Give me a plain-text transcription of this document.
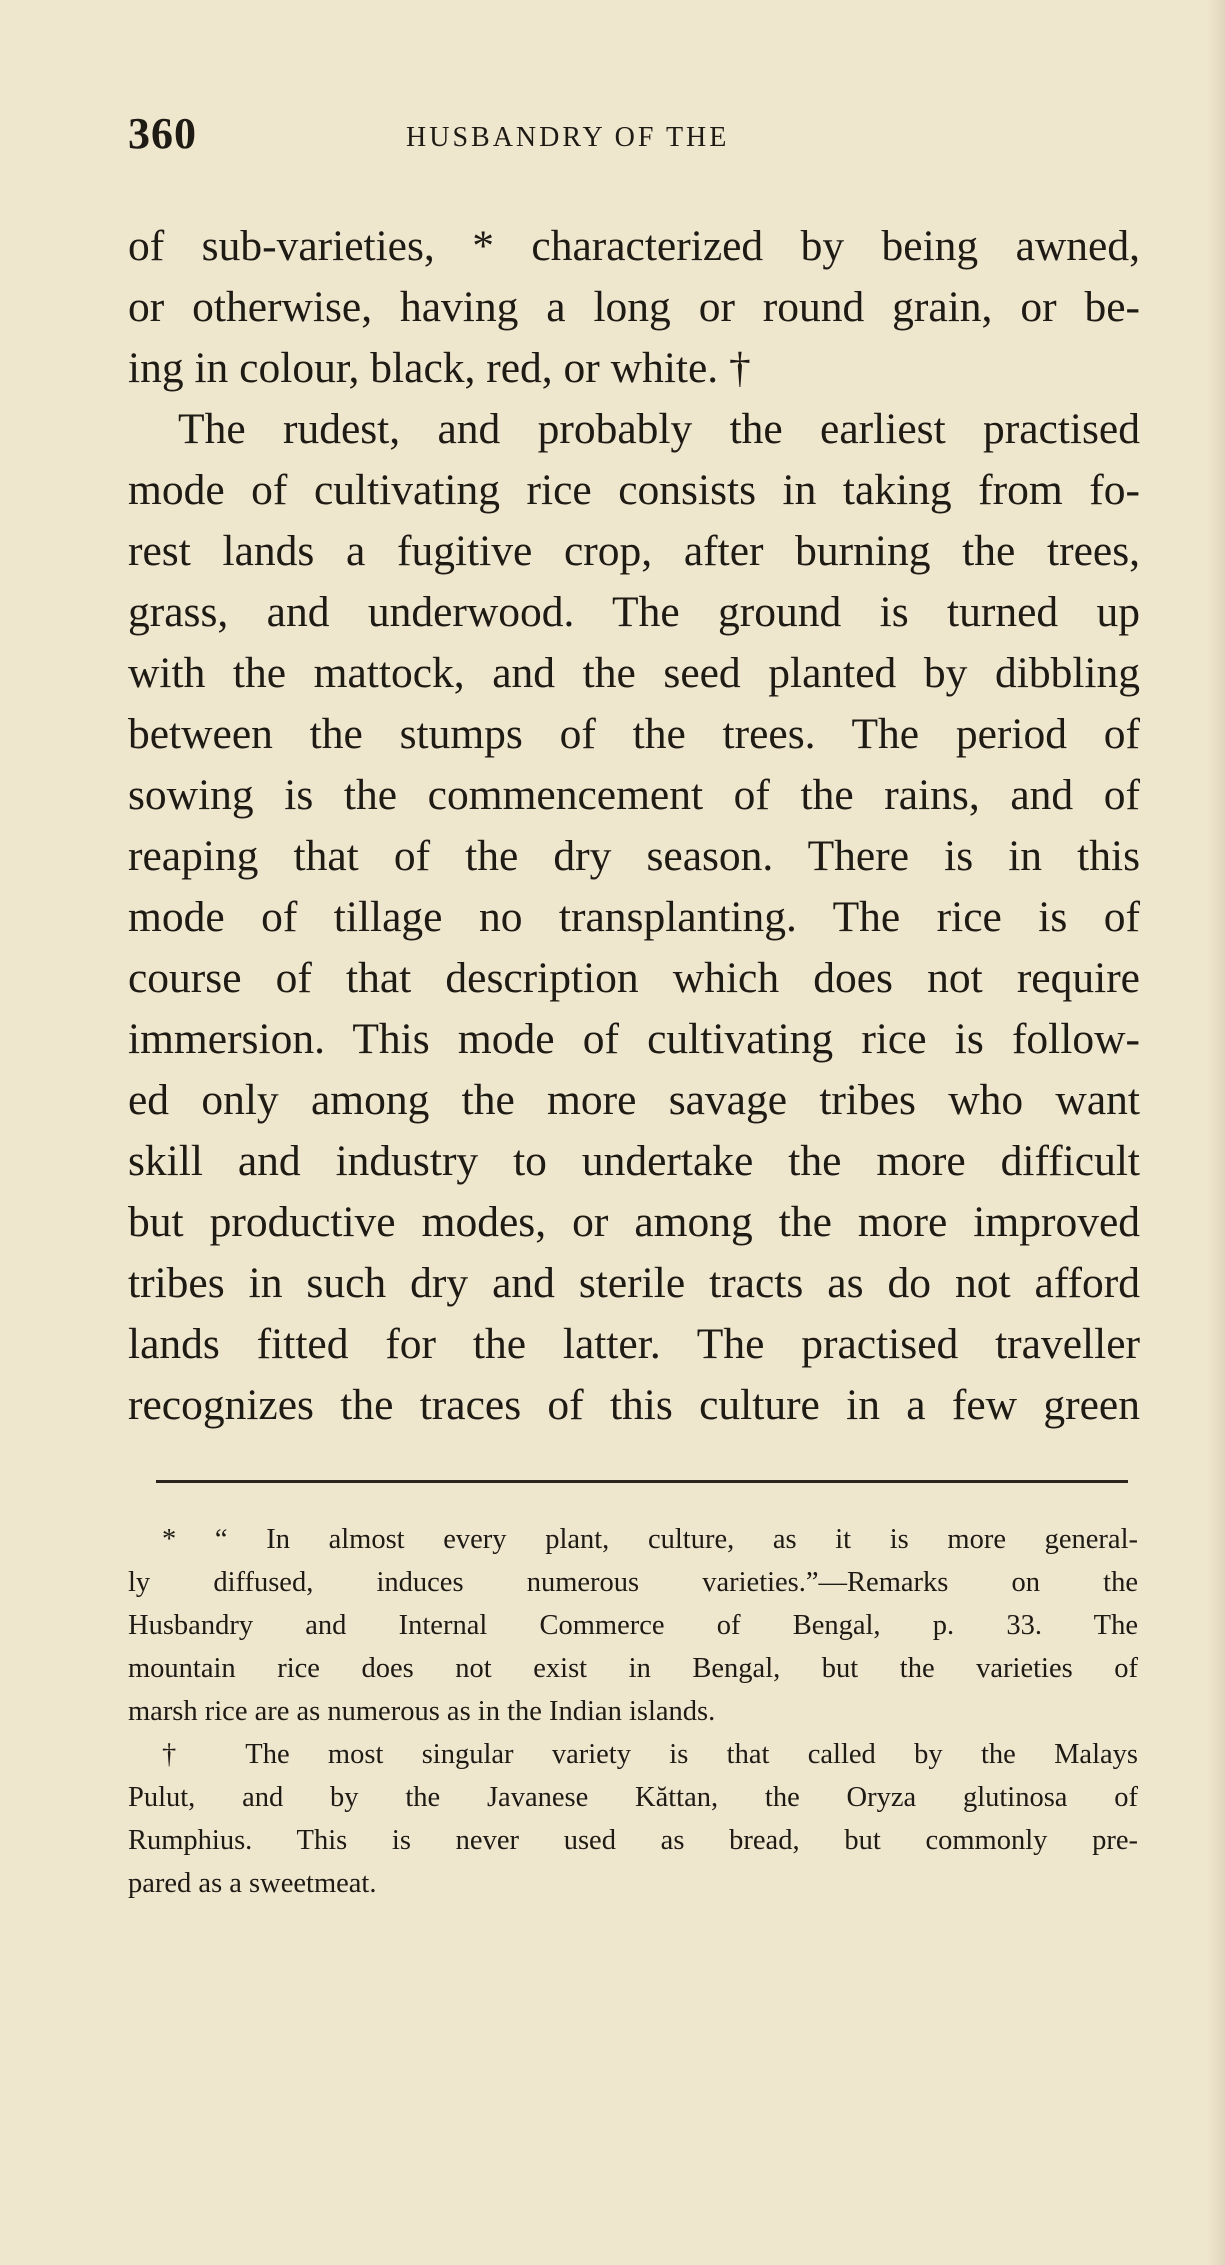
360	HUSBANDRY OF THE
of sub-varieties, * characterized by being awned,
or otherwise, having a long or round grain, or be-
ing in colour, black, red, or white. †
The rudest, and probably the earliest practised
mode of cultivating rice consists in taking from fo-
rest lands a fugitive crop, after burning the trees,
grass, and underwood. The ground is turned up
with the mattock, and the seed planted by dibbling
between the stumps of the trees. The period of
sowing is the commencement of the rains, and of
reaping that of the dry season. There is in this
mode of tillage no transplanting. The rice is of
course of that description which does not require
immersion. This mode of cultivating rice is follow-
ed only among the more savage tribes who want
skill and industry to undertake the more difficult
but productive modes, or among the more improved
tribes in such dry and sterile tracts as do not afford
lands fitted for the latter. The practised traveller
recognizes the traces of this culture in a few green
* “ In almost every plant, culture, as it is more general-
ly diffused, induces numerous varieties.”—Remarks on the
Husbandry and Internal Commerce of Bengal, p. 33. The
mountain rice does not exist in Bengal, but the varieties of
marsh rice are as numerous as in the Indian islands.
† The most singular variety is that called by the Malays
Pulut, and by the Javanese Kăttan, the Oryza glutinosa of
Rumphius. This is never used as bread, but commonly pre-
pared as a sweetmeat.
